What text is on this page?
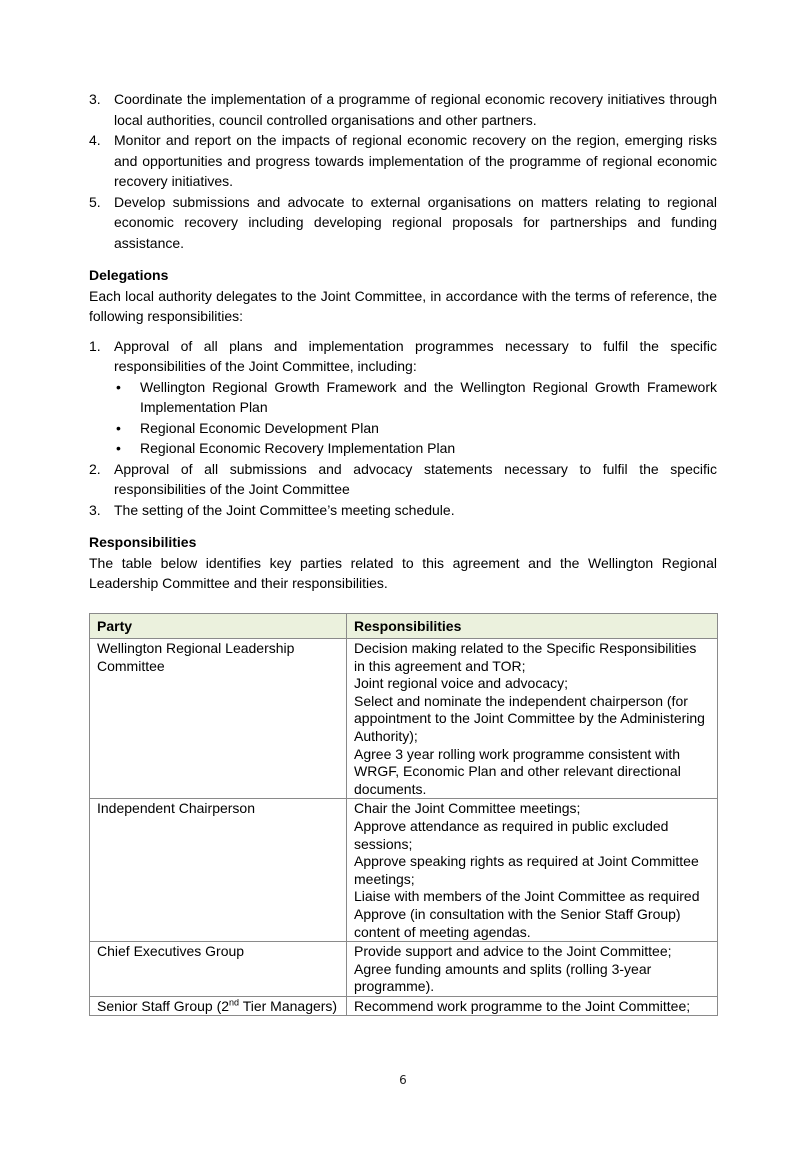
3. Coordinate the implementation of a programme of regional economic recovery initiatives through local authorities, council controlled organisations and other partners.
4. Monitor and report on the impacts of regional economic recovery on the region, emerging risks and opportunities and progress towards implementation of the programme of regional economic recovery initiatives.
5. Develop submissions and advocate to external organisations on matters relating to regional economic recovery including developing regional proposals for partnerships and funding assistance.
Delegations

Each local authority delegates to the Joint Committee, in accordance with the terms of reference, the following responsibilities:

1. Approval of all plans and implementation programmes necessary to fulfil the specific responsibilities of the Joint Committee, including:
• Wellington Regional Growth Framework and the Wellington Regional Growth Framework Implementation Plan
• Regional Economic Development Plan
• Regional Economic Recovery Implementation Plan
2. Approval of all submissions and advocacy statements necessary to fulfil the specific responsibilities of the Joint Committee
3. The setting of the Joint Committee’s meeting schedule.
Responsibilities

The table below identifies key parties related to this agreement and the Wellington Regional Leadership Committee and their responsibilities.

Party	Responsibilities
Wellington Regional Leadership Committee	Decision making related to the Specific Responsibilities in this agreement and TOR;
Joint regional voice and advocacy;
Select and nominate the independent chairperson (for appointment to the Joint Committee by the Administering Authority);
Agree 3 year rolling work programme consistent with WRGF, Economic Plan and other relevant directional documents.

Independent Chairperson	Chair the Joint Committee meetings;
Approve attendance as required in public excluded sessions;
Approve speaking rights as required at Joint Committee meetings;
Liaise with members of the Joint Committee as required
Approve (in consultation with the Senior Staff Group) content of meeting agendas.

Chief Executives Group	Provide support and advice to the Joint Committee;
Agree funding amounts and splits (rolling 3-year programme).

Senior Staff Group (2nd Tier Managers)	Recommend work programme to the Joint Committee;
6
